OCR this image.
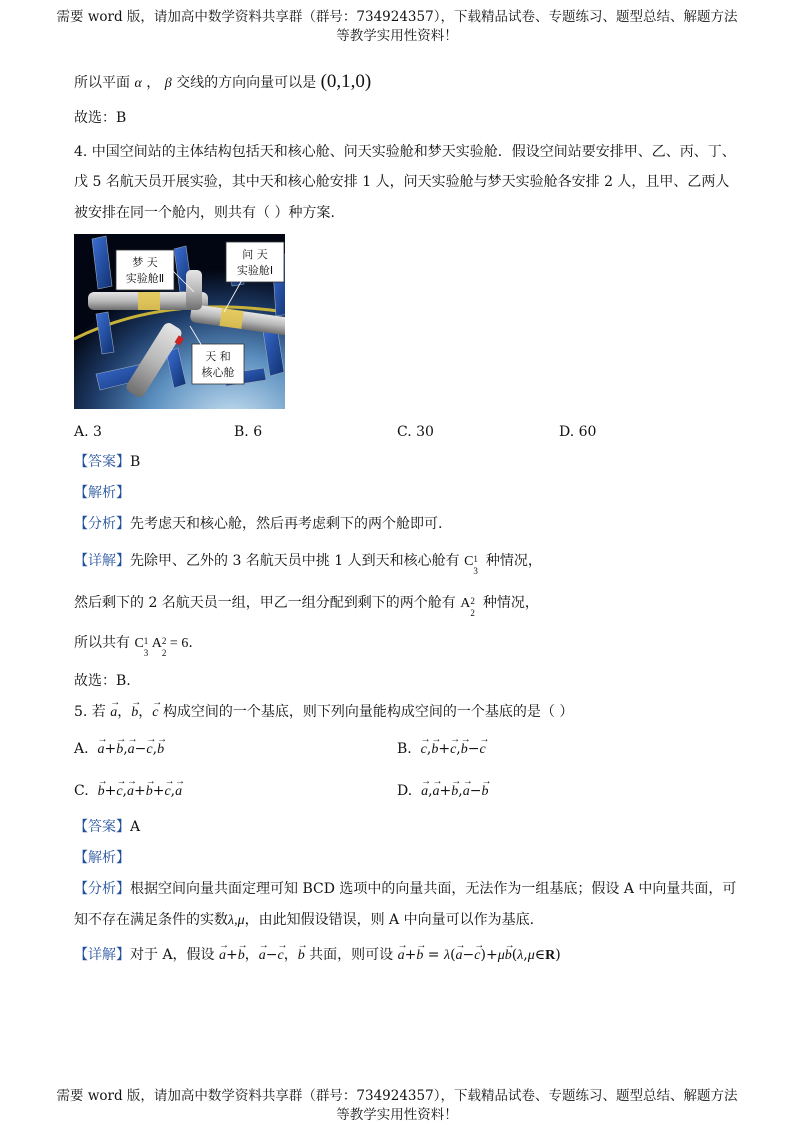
需要 word 版，请加高中数学资料共享群（群号：734924357），下载精品试卷、专题练习、题型总结、解题方法
等教学实用性资料！
所以平面 α ， β 交线的方向向量可以是 (0,1,0)
故选：B
4. 中国空间站的主体结构包括天和核心舱、问天实验舱和梦天实验舱．假设空间站要安排甲、乙、丙、丁、
戊 5 名航天员开展实验，其中天和核心舱安排 1 人，问天实验舱与梦天实验舱各安排 2 人，且甲、乙两人
被安排在同一个舱内，则共有（ ）种方案.
梦 天
实验舱Ⅱ
问 天
实验舱Ⅰ
天 和
核心舱
A. 3	B. 6	C. 30	D. 60
【答案】B
【解析】
【分析】先考虑天和核心舱，然后再考虑剩下的两个舱即可.
【详解】先除甲、乙外的 3 名航天员中挑 1 人到天和核心舱有 C 1
3
种情况，
然后剩下的 2 名航天员一组，甲乙一组分配到剩下的两个舱有 A 2
2
种情况，
所以共有 C 1
3
A 2
2
= 6.
故选：B.
5. 若 → a，→ b，→ c 构成空间的一个基底，则下列向量能构成空间的一个基底的是（ ）
A. → a+→ b,→ a−→ c,→ b	B. → c,→ b+→ c,→ b−→ c
C. → b+→ c,→ a+→ b+→ c,→ a	D. → a,→ a+→ b,→ a−→ b
【答案】A
【解析】
【分析】根据空间向量共面定理可知 BCD 选项中的向量共面，无法作为一组基底；假设 A 中向量共面，可
知不存在满足条件的实数λ,μ，由此知假设错误，则 A 中向量可以作为基底.
【详解】对于 A，假设 → a+→ b，→ a−→ c，→ b 共面，则可设 → a+→ b = λ(→ a−→ c)+μ→ b(λ,μ∈R)
需要 word 版，请加高中数学资料共享群（群号：734924357），下载精品试卷、专题练习、题型总结、解题方法
等教学实用性资料！
